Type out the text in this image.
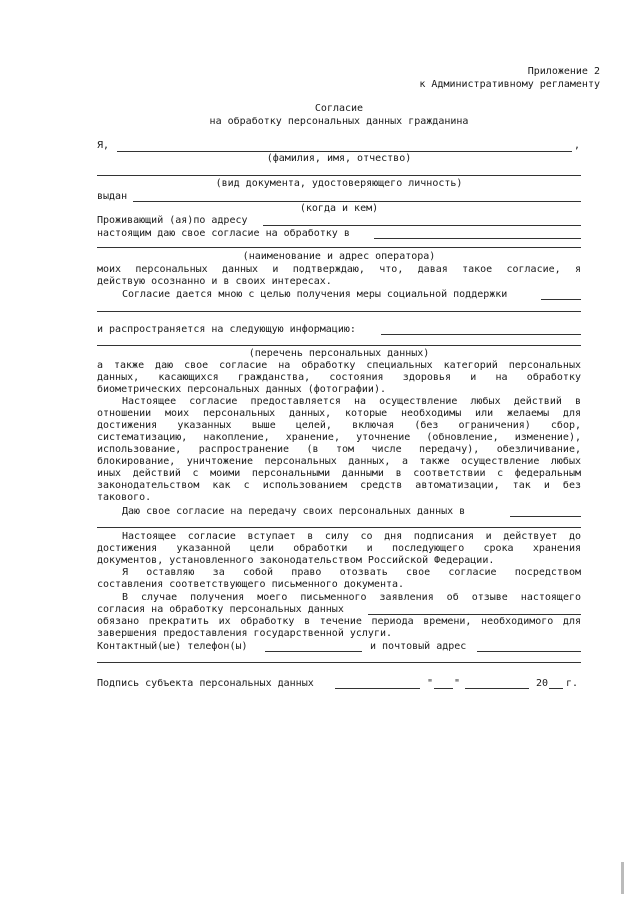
Приложение 2
к Административному регламенту
Согласие
на обработку персональных данных гражданина
Я,	,
(фамилия, имя, отчество)
(вид документа, удостоверяющего личность)
выдан
(когда и кем)
Проживающий (ая)по адресу
настоящим даю свое согласие на обработку в
(наименование и адрес оператора)
моих персональных данных и подтверждаю, что, давая такое согласие, я
действую осознанно и в своих интересах.
Согласие дается мною с целью получения меры социальной поддержки
и распространяется на следующую информацию:
(перечень персональных данных)
а также даю свое согласие на обработку специальных категорий персональных
данных, касающихся гражданства, состояния здоровья и на обработку
биометрических персональных данных (фотографии).
Настоящее согласие предоставляется на осуществление любых действий в
отношении моих персональных данных, которые необходимы или желаемы для
достижения указанных выше целей, включая (без ограничения) сбор,
систематизацию, накопление, хранение, уточнение (обновление, изменение),
использование, распространение (в том числе передачу), обезличивание,
блокирование, уничтожение персональных данных, а также осуществление любых
иных действий с моими персональными данными в соответствии с федеральным
законодательством как с использованием средств автоматизации, так и без
такового.
Даю свое согласие на передачу своих персональных данных в
Настоящее согласие вступает в силу со дня подписания и действует до
достижения указанной цели обработки и последующего срока хранения
документов, установленного законодательством Российской Федерации.
Я оставляю за собой право отозвать свое согласие посредством
составления соответствующего письменного документа.
В случае получения моего письменного заявления об отзыве настоящего
согласия на обработку персональных данных
обязано прекратить их обработку в течение периода времени, необходимого для
завершения предоставления государственной услуги.
Контактный(ые) телефон(ы)	и почтовый адрес
Подпись субъекта персональных данных	" "	20 г.
